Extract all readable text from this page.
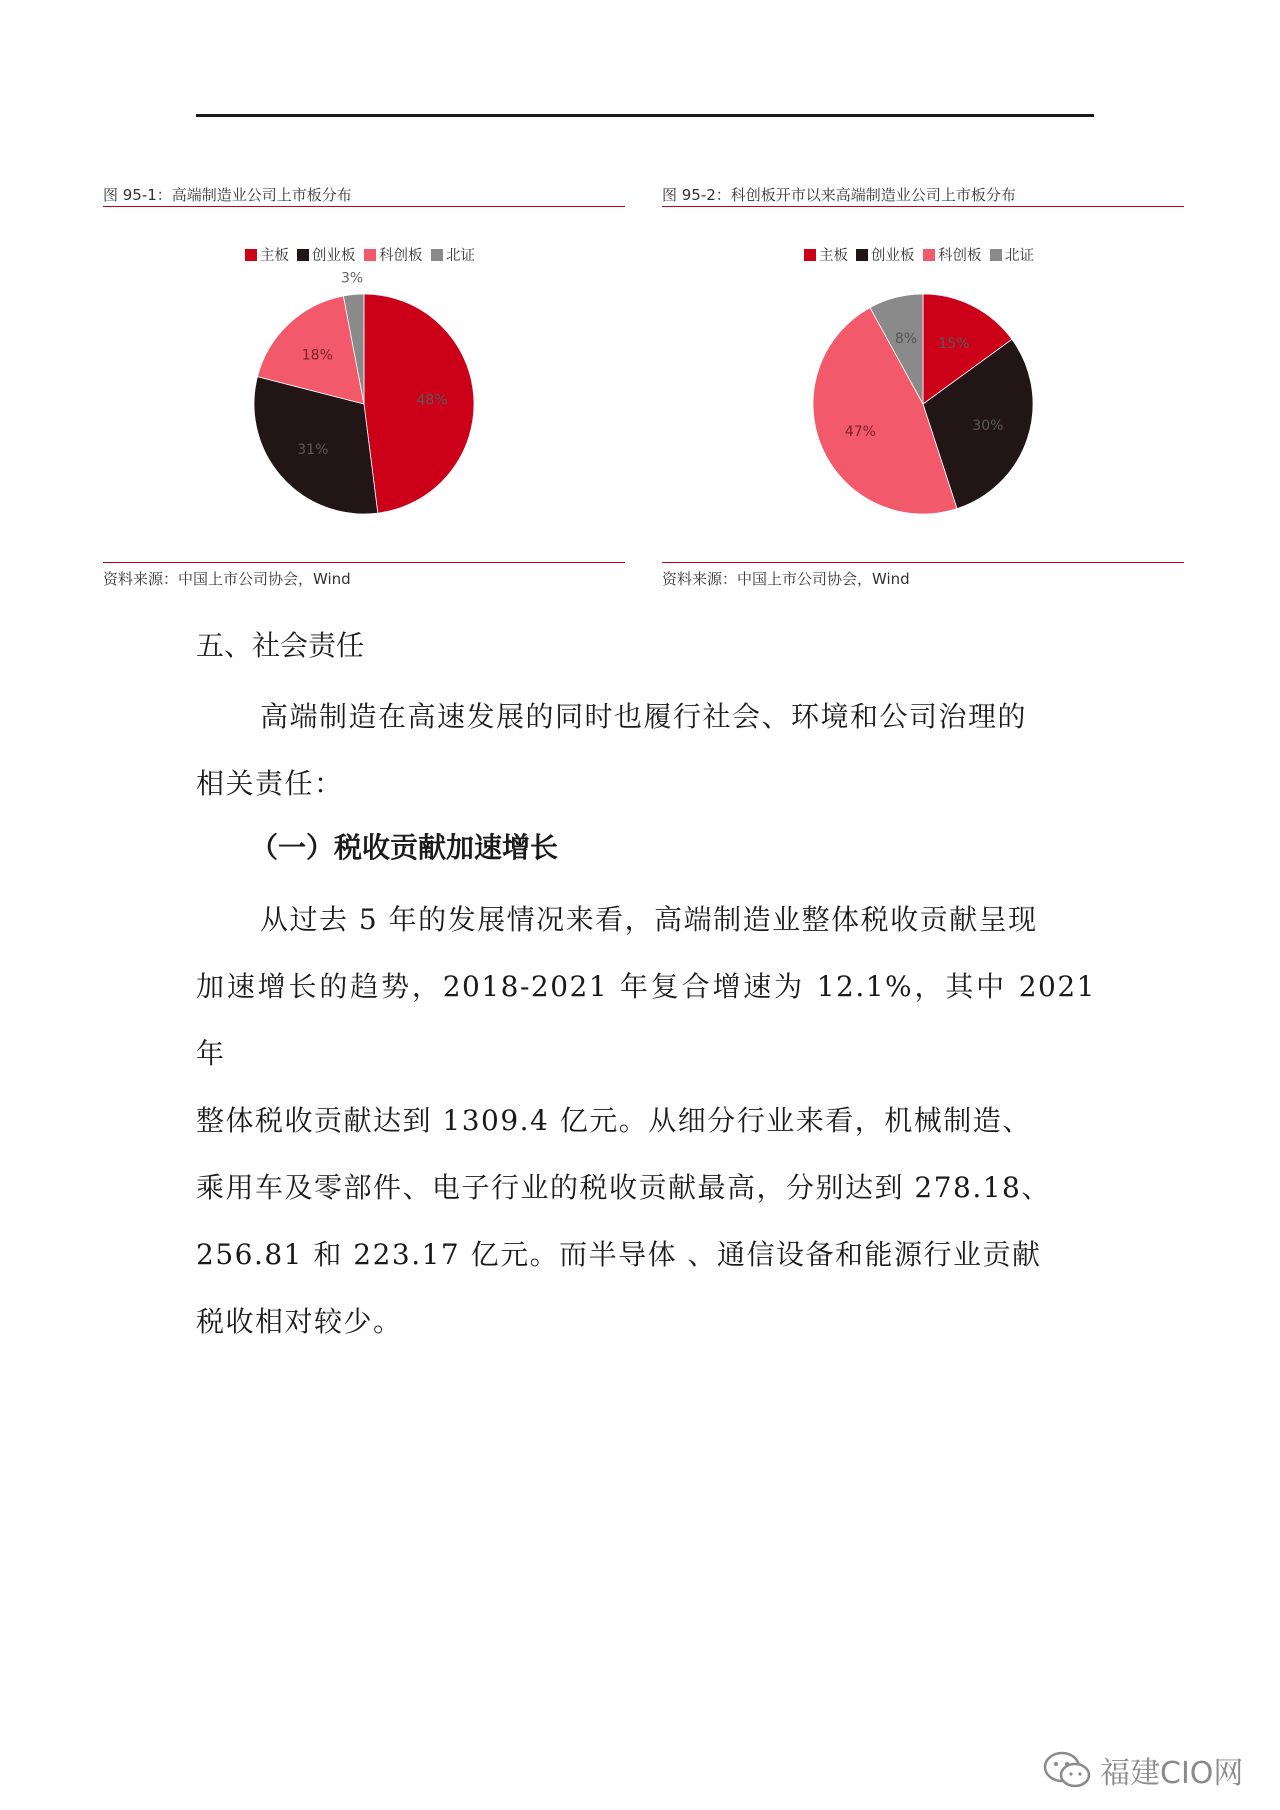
图 95-1：高端制造业公司上市板分布
主板 创业板 科创板 北证
48%
31%
18%
3%
资料来源：中国上市公司协会，Wind
图 95-2：科创板开市以来高端制造业公司上市板分布
主板 创业板 科创板 北证
15%
30%
47%
8%
资料来源：中国上市公司协会，Wind
五、社会责任
高端制造在高速发展的同时也履行社会、环境和公司治理的
相关责任：
（一）税收贡献加速增长
从过去 5 年的发展情况来看，高端制造业整体税收贡献呈现
加速增长的趋势，2018-2021 年复合增速为 12.1%，其中 2021 年
整体税收贡献达到 1309.4 亿元。从细分行业来看，机械制造、
乘用车及零部件、电子行业的税收贡献最高，分别达到 278.18、
256.81 和 223.17 亿元。而半导体 、通信设备和能源行业贡献
税收相对较少。
福建CIO网
